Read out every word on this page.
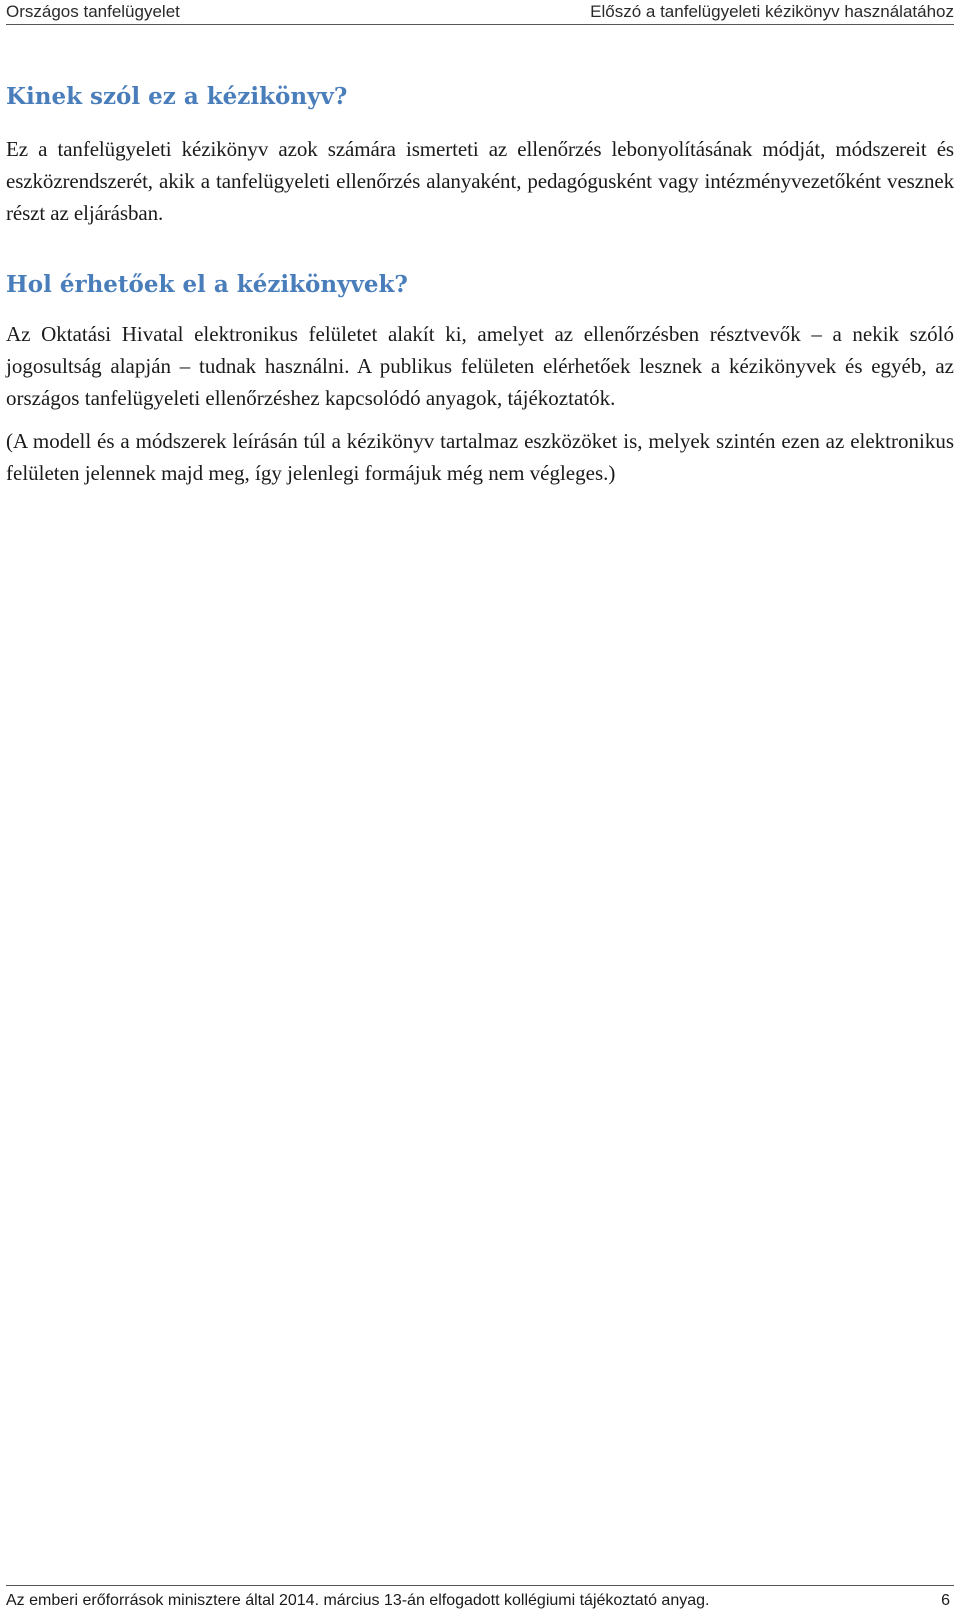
Országos tanfelügyelet	Előszó a tanfelügyeleti kézikönyv használatához
Kinek szól ez a kézikönyv?

Ez a tanfelügyeleti kézikönyv azok számára ismerteti az ellenőrzés lebonyolításának módját, módszereit és eszközrendszerét, akik a tanfelügyeleti ellenőrzés alanyaként, pedagógusként vagy intézményvezetőként vesznek részt az eljárásban.

Hol érhetőek el a kézikönyvek?

Az Oktatási Hivatal elektronikus felületet alakít ki, amelyet az ellenőrzésben résztvevők – a nekik szóló jogosultság alapján – tudnak használni. A publikus felületen elérhetőek lesznek a kézikönyvek és egyéb, az országos tanfelügyeleti ellenőrzéshez kapcsolódó anyagok, tájékoztatók.

(A modell és a módszerek leírásán túl a kézikönyv tartalmaz eszközöket is, melyek szintén ezen az elektronikus felületen jelennek majd meg, így jelenlegi formájuk még nem végleges.)

Az emberi erőforrások minisztere által 2014. március 13-án elfogadott kollégiumi tájékoztató anyag.	6
